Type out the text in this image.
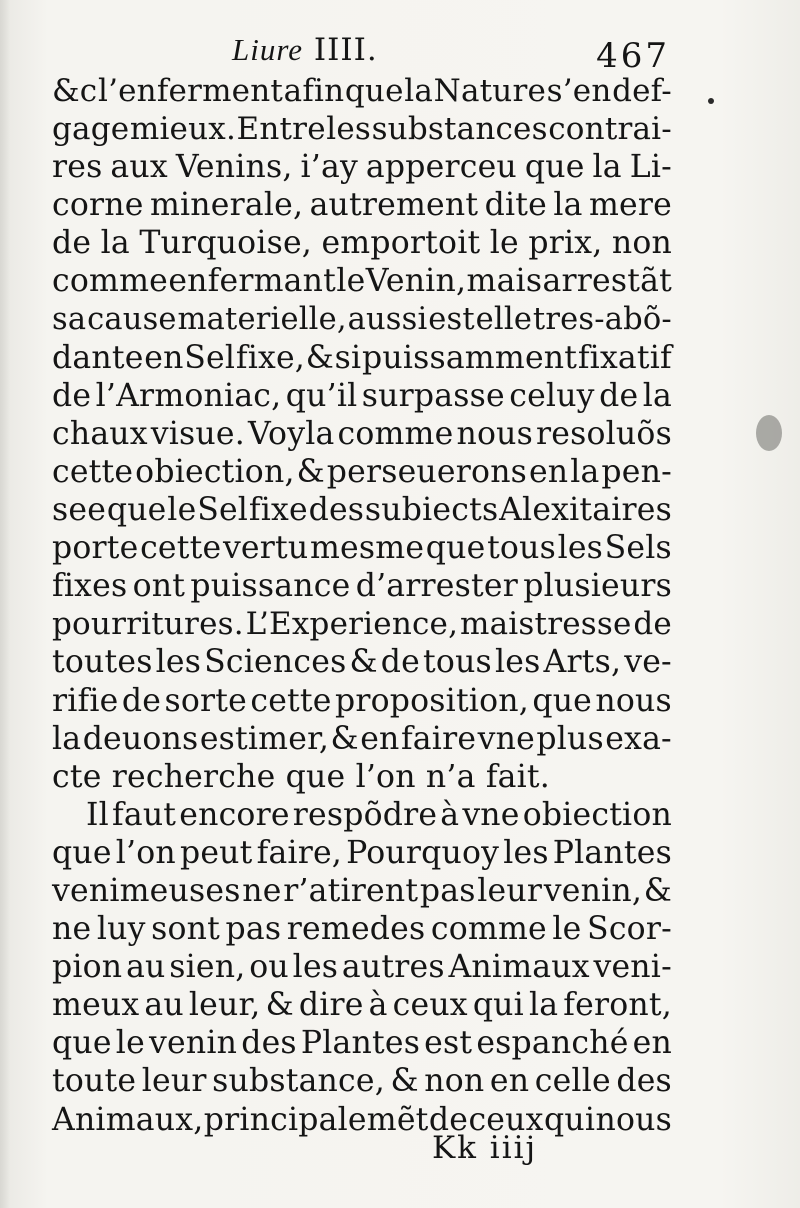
Liure IIII.	467
&c l’enferment afin que la Nature s’en def-
gage mieux. Entre les substances contrai-
res aux Venins, i’ay apperceu que la Li-
corne minerale, autrement dite la mere
de la Turquoise, emportoit le prix, non
comme enfermant le Venin, mais arrestãt
sa cause materielle, aussi est elle tres-abõ-
dante en Sel fixe, & si puissamment fixatif
de l’Armoniac, qu’il surpasse celuy de la
chaux visue. Voyla comme nous resoluõs
cette obiection, & perseuerons en la pen-
see que le Sel fixe des subiects Alexitaires
porte cette vertu mesme que tous les Sels
fixes ont puissance d’arrester plusieurs
pourritures. L’Experience, maistresse de
toutes les Sciences & de tous les Arts, ve-
rifie de sorte cette proposition, que nous
la deuons estimer, & en faire vne plus exa-
cte recherche que l’on n’a fait.
Il faut encore respõdre à vne obiection
que l’on peut faire, Pourquoy les Plantes
venimeuses ne r’atirent pas leur venin, &
ne luy sont pas remedes comme le Scor-
pion au sien, ou les autres Animaux veni-
meux au leur, & dire à ceux qui la feront,
que le venin des Plantes est espanché en
toute leur substance, & non en celle des
Animaux, principalemẽt de ceux qui nous
Kk iiij
